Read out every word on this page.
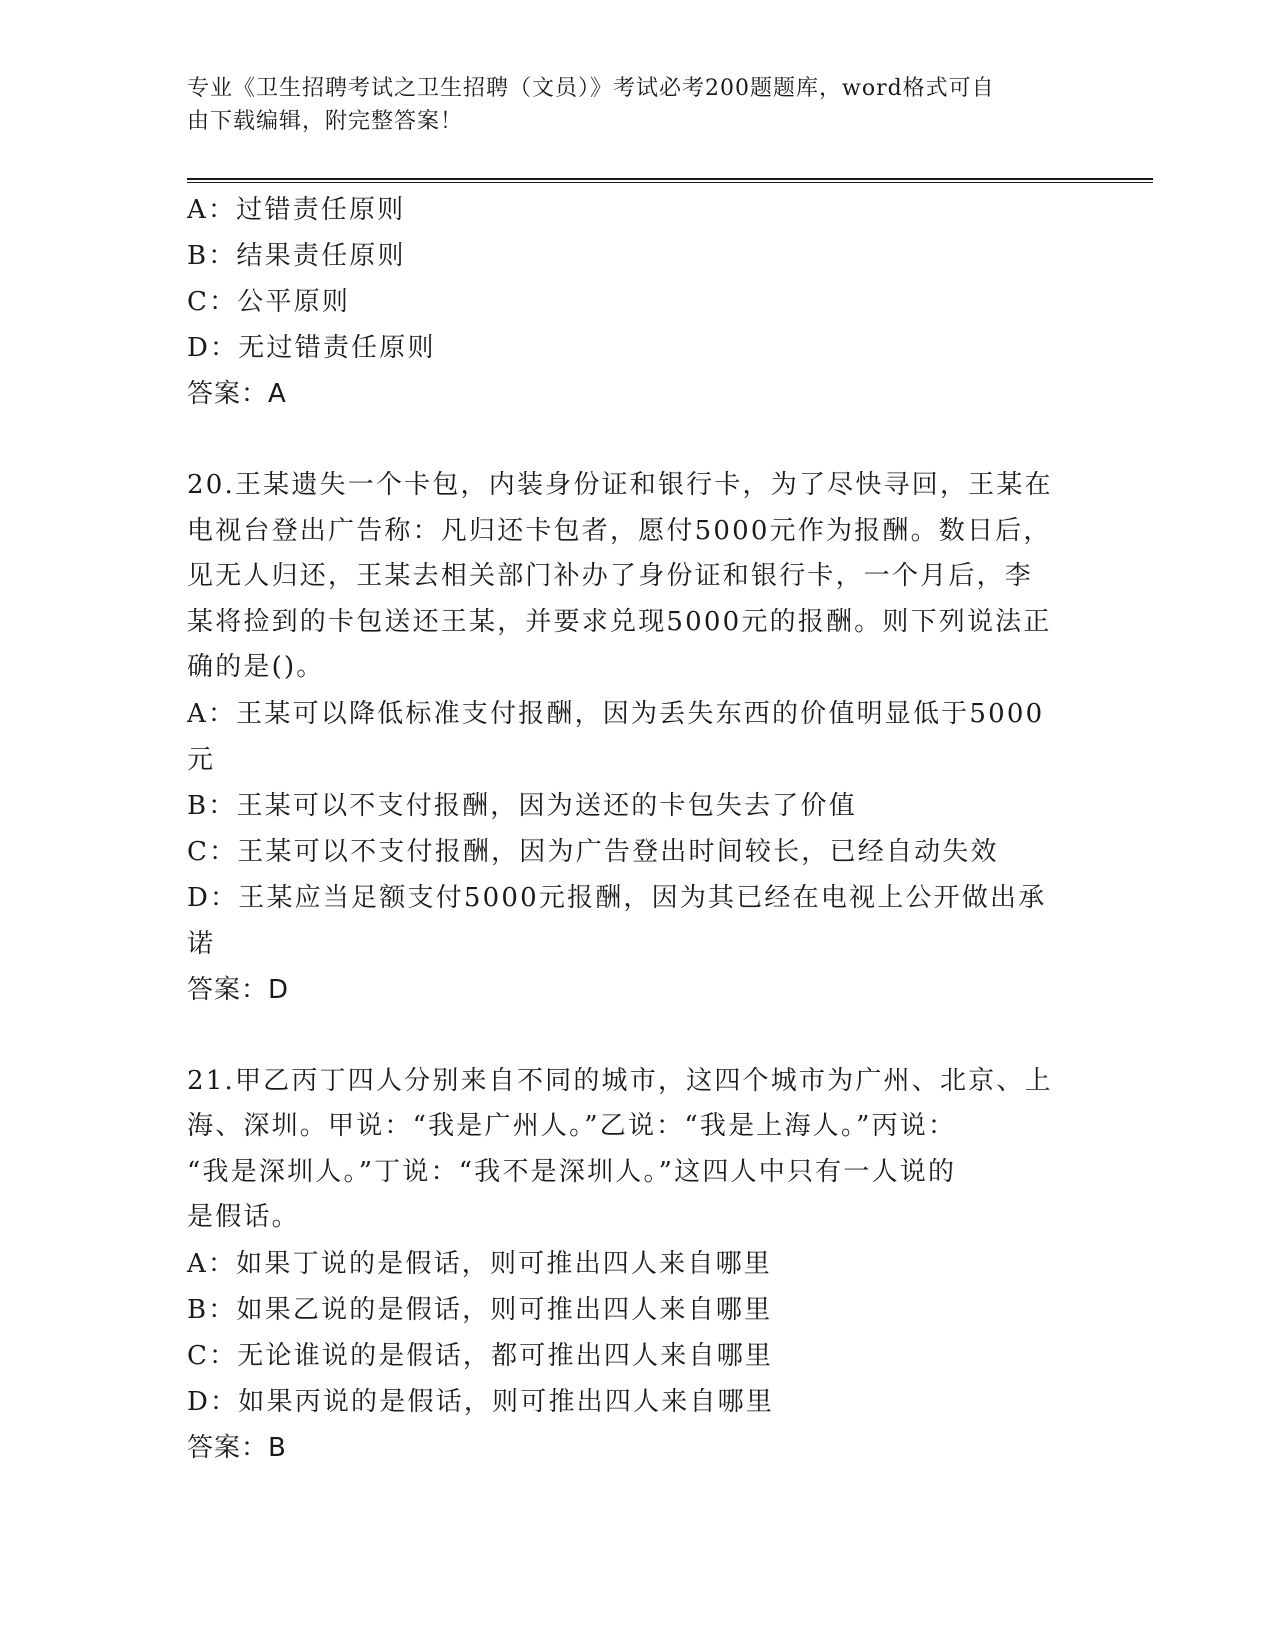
专业《卫生招聘考试之卫生招聘（文员）》考试必考200题题库，word格式可自
由下载编辑，附完整答案！

A：过错责任原则

B：结果责任原则

C：公平原则

D：无过错责任原则

答案：A

20.王某遗失一个卡包，内装身份证和银行卡，为了尽快寻回，王某在

电视台登出广告称：凡归还卡包者，愿付5000元作为报酬。数日后，

见无人归还，王某去相关部门补办了身份证和银行卡，一个月后，李

某将捡到的卡包送还王某，并要求兑现5000元的报酬。则下列说法正

确的是()。

A：王某可以降低标准支付报酬，因为丢失东西的价值明显低于5000

元

B：王某可以不支付报酬，因为送还的卡包失去了价值

C：王某可以不支付报酬，因为广告登出时间较长，已经自动失效

D：王某应当足额支付5000元报酬，因为其已经在电视上公开做出承

诺

答案：D

21.甲乙丙丁四人分别来自不同的城市，这四个城市为广州、北京、上

海、深圳。甲说：“我是广州人。”乙说：“我是上海人。”丙说：

“我是深圳人。”丁说：“我不是深圳人。”这四人中只有一人说的

是假话。

A：如果丁说的是假话，则可推出四人来自哪里

B：如果乙说的是假话，则可推出四人来自哪里

C：无论谁说的是假话，都可推出四人来自哪里

D：如果丙说的是假话，则可推出四人来自哪里

答案：B
